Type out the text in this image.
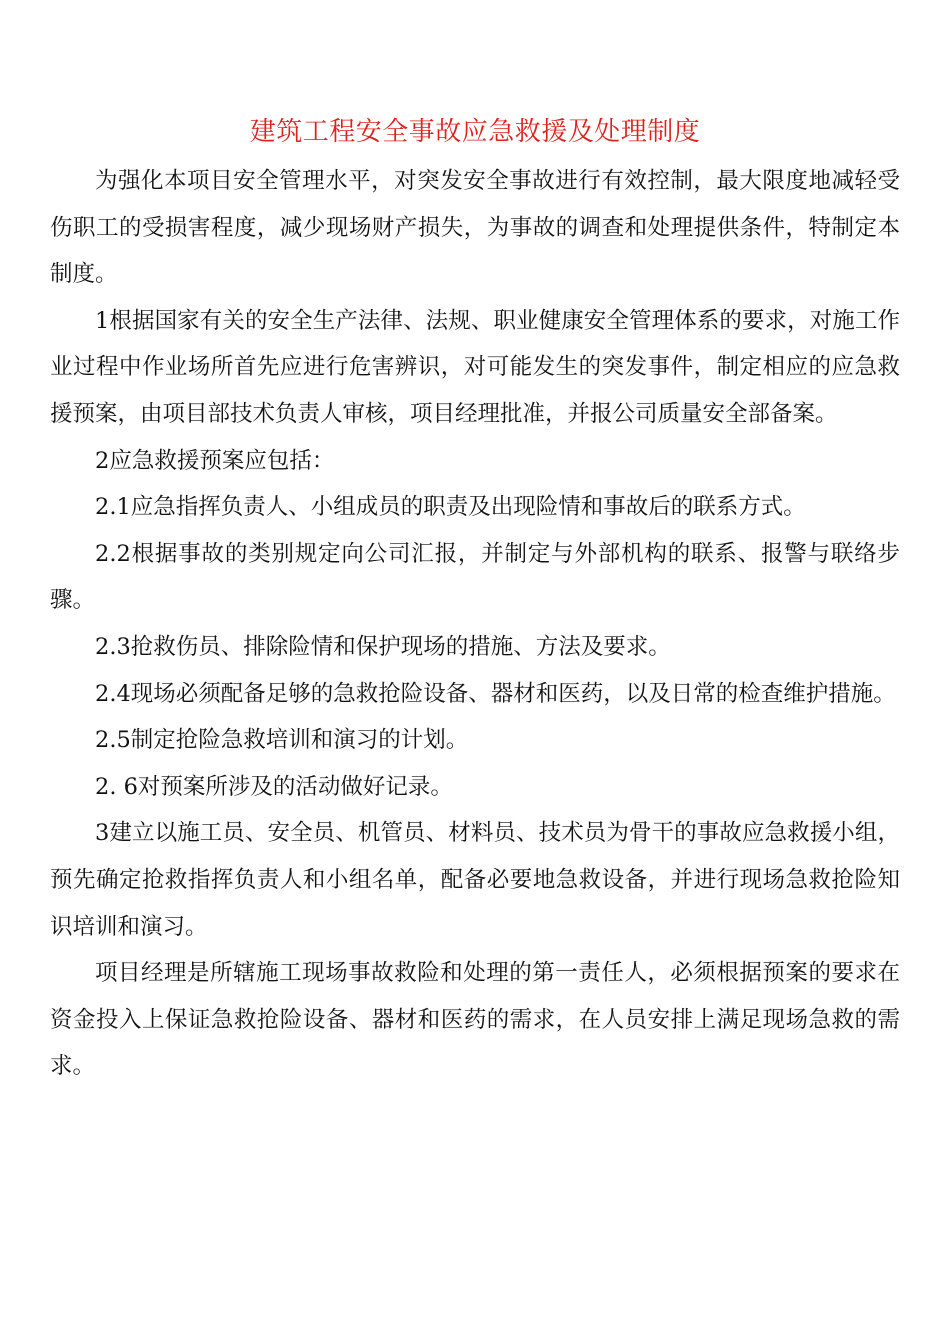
建筑工程安全事故应急救援及处理制度

为强化本项目安全管理水平，对突发安全事故进行有效控制，最大限度地减轻受伤职工的受损害程度，减少现场财产损失，为事故的调查和处理提供条件，特制定本制度。

1根据国家有关的安全生产法律、法规、职业健康安全管理体系的要求，对施工作业过程中作业场所首先应进行危害辨识，对可能发生的突发事件，制定相应的应急救援预案，由项目部技术负责人审核，项目经理批准，并报公司质量安全部备案。

2应急救援预案应包括：

2.1应急指挥负责人、小组成员的职责及出现险情和事故后的联系方式。

2.2根据事故的类别规定向公司汇报，并制定与外部机构的联系、报警与联络步骤。

2.3抢救伤员、排除险情和保护现场的措施、方法及要求。

2.4现场必须配备足够的急救抢险设备、器材和医药，以及日常的检查维护措施。

2.5制定抢险急救培训和演习的计划。

2. 6对预案所涉及的活动做好记录。

3建立以施工员、安全员、机管员、材料员、技术员为骨干的事故应急救援小组，预先确定抢救指挥负责人和小组名单，配备必要地急救设备，并进行现场急救抢险知识培训和演习。

项目经理是所辖施工现场事故救险和处理的第一责任人，必须根据预案的要求在资金投入上保证急救抢险设备、器材和医药的需求，在人员安排上满足现场急救的需求。
